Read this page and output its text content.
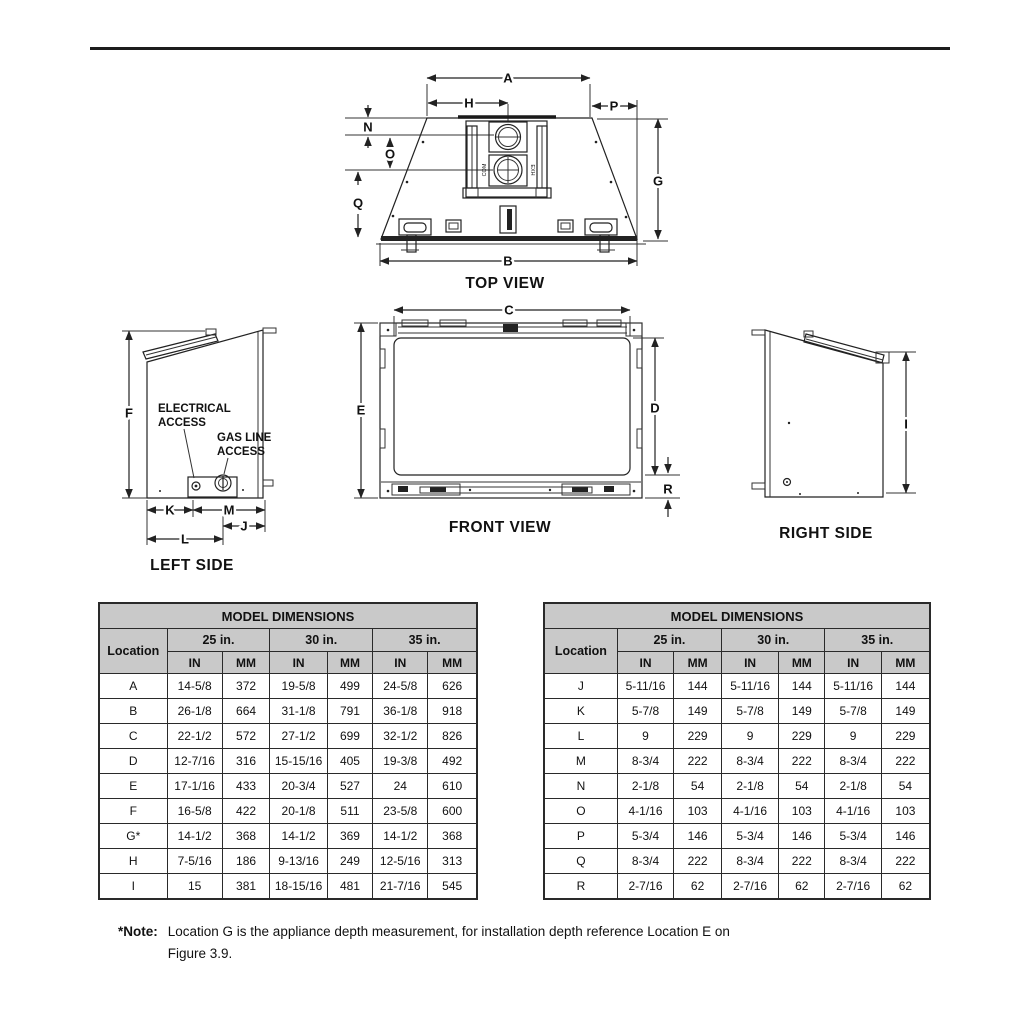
COM	EXH
A
H	P
G
B
N
O
Q
TOP VIEW
C
E	D
R
FRONT VIEW
F ELECTRICAL
ACCESS
GAS LINE
ACCESS
K	M
J
L
LEFT SIDE
I
RIGHT SIDE
MODEL DIMENSIONS						
Location	25 in.		30 in.		35 in.	
	IN	MM	IN	MM	IN	MM
A	14-5/8	372	19-5/8	499	24-5/8	626
B	26-1/8	664	31-1/8	791	36-1/8	918
C	22-1/2	572	27-1/2	699	32-1/2	826
D	12-7/16	316	15-15/16	405	19-3/8	492
E	17-1/16	433	20-3/4	527	24	610
F	16-5/8	422	20-1/8	511	23-5/8	600
G*	14-1/2	368	14-1/2	369	14-1/2	368
H	7-5/16	186	9-13/16	249	12-5/16	313
I	15	381	18-15/16	481	21-7/16	545
MODEL DIMENSIONS						
Location	25 in.		30 in.		35 in.	
	IN	MM	IN	MM	IN	MM
J	5-11/16	144	5-11/16	144	5-11/16	144
K	5-7/8	149	5-7/8	149	5-7/8	149
L	9	229	9	229	9	229
M	8-3/4	222	8-3/4	222	8-3/4	222
N	2-1/8	54	2-1/8	54	2-1/8	54
O	4-1/16	103	4-1/16	103	4-1/16	103
P	5-3/4	146	5-3/4	146	5-3/4	146
Q	8-3/4	222	8-3/4	222	8-3/4	222
R	2-7/16	62	2-7/16	62	2-7/16	62
*Note: Location G is the appliance depth measurement, for installation depth reference Location E on
Figure 3.9.
